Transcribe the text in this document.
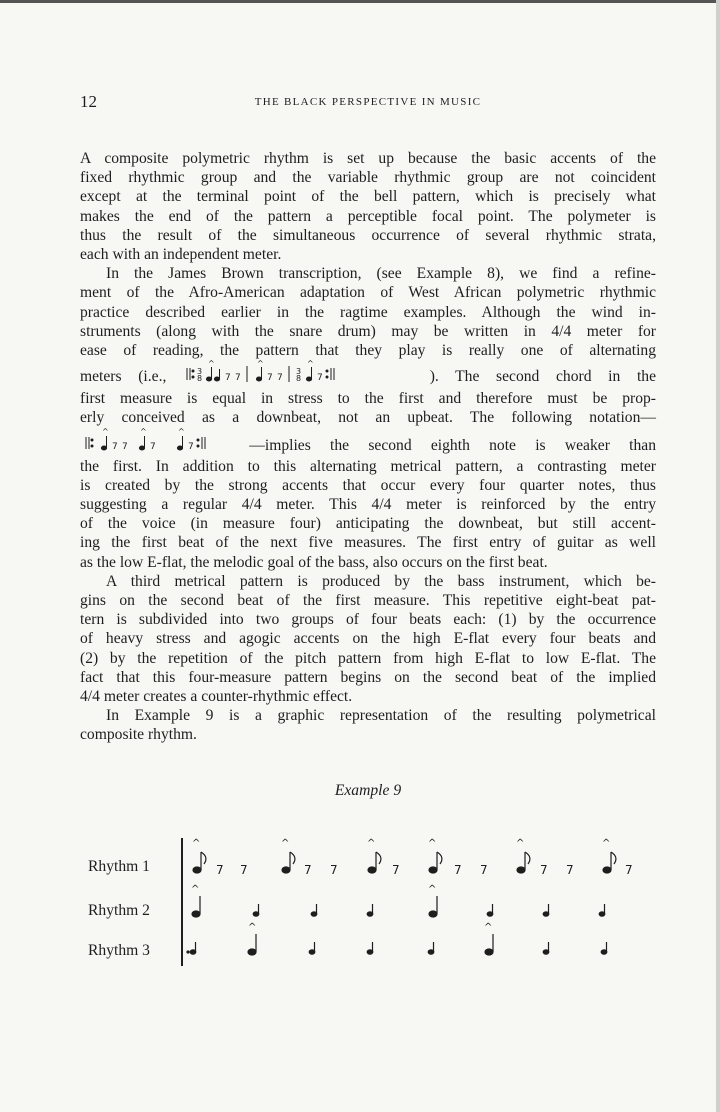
12	THE BLACK PERSPECTIVE IN MUSIC

A composite polymetric rhythm is set up because the basic accents of the
fixed rhythmic group and the variable rhythmic group are not coincident
except at the terminal point of the bell pattern, which is precisely what
makes the end of the pattern a perceptible focal point. The polymeter is
thus the result of the simultaneous occurrence of several rhythmic strata,
each with an independent meter.

In the James Brown transcription, (see Example 8), we find a refine-
ment of the Afro-American adaptation of West African polymetric rhythmic
practice described earlier in the ragtime examples. Although the wind in-
struments (along with the snare drum) may be written in 4/4 meter for
ease of reading, the pattern that they play is really one of alternating
meters (i.e.,	3
8
^
7 7
^
7 7
3
8
^
7	). The second chord in the
first measure is equal in stress to the first and therefore must be prop-
erly conceived as a downbeat, not an upbeat. The following notation—
^
7 7
^
7
^
7	—implies the second eighth note is weaker than
the first. In addition to this alternating metrical pattern, a contrasting meter
is created by the strong accents that occur every four quarter notes, thus
suggesting a regular 4/4 meter. This 4/4 meter is reinforced by the entry
of the voice (in measure four) anticipating the downbeat, but still accent-
ing the first beat of the next five measures. The first entry of guitar as well
as the low E-flat, the melodic goal of the bass, also occurs on the first beat.

A third metrical pattern is produced by the bass instrument, which be-
gins on the second beat of the first measure. This repetitive eight-beat pat-
tern is subdivided into two groups of four beats each: (1) by the occurrence
of heavy stress and agogic accents on the high E-flat every four beats and
(2) by the repetition of the pitch pattern from high E-flat to low E-flat. The
fact that this four-measure pattern begins on the second beat of the implied
4/4 meter creates a counter-rhythmic effect.

In Example 9 is a graphic representation of the resulting polymetrical
composite rhythm.

Example 9
Rhythm 1
Rhythm 2
Rhythm 3
^
7 7
^
7 7
^
7
^
7 7
^
7 7
^
7
^	^
^	^
